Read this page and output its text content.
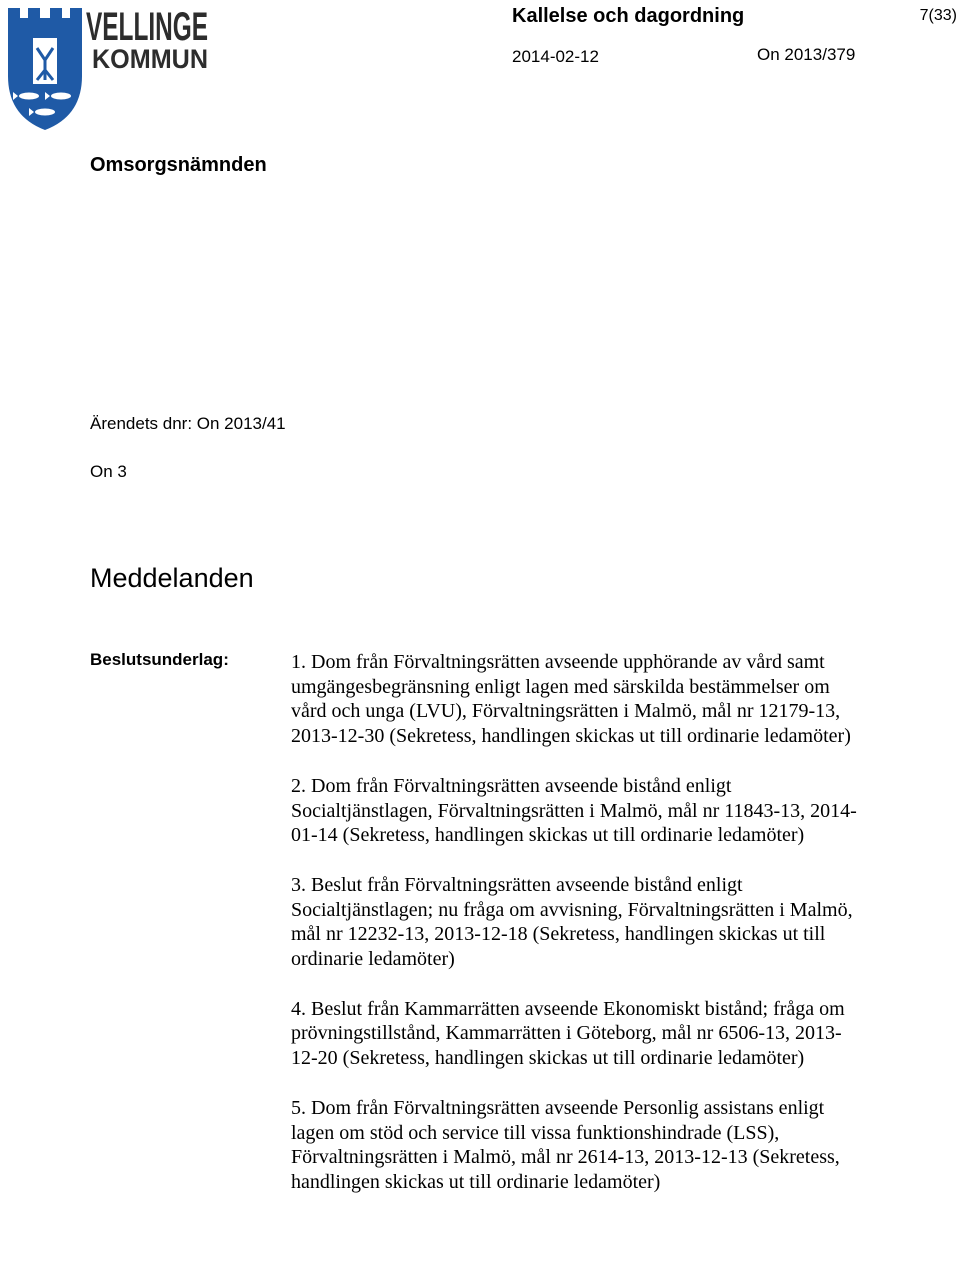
VELLINGE
KOMMUN
Kallelse och dagordning	7(33)
2014-02-12	On 2013/379
Omsorgsnämnden
Ärendets dnr: On 2013/41
On 3
Meddelanden
Beslutsunderlag:	1. Dom från Förvaltningsrätten avseende upphörande av vård samt umgängesbegränsning enligt lagen med särskilda bestämmelser om vård och unga (LVU), Förvaltningsrätten i Malmö, mål nr 12179-13, 2013-12-30 (Sekretess, handlingen skickas ut till ordinarie ledamöter)
2. Dom från Förvaltningsrätten avseende bistånd enligt Socialtjänstlagen, Förvaltningsrätten i Malmö, mål nr 11843-13, 2014-01-14 (Sekretess, handlingen skickas ut till ordinarie ledamöter)
3. Beslut från Förvaltningsrätten avseende bistånd enligt Socialtjänstlagen; nu fråga om avvisning, Förvaltningsrätten i Malmö, mål nr 12232-13, 2013-12-18 (Sekretess, handlingen skickas ut till ordinarie ledamöter)
4. Beslut från Kammarrätten avseende Ekonomiskt bistånd; fråga om prövningstillstånd, Kammarrätten i Göteborg, mål nr 6506-13, 2013-12-20 (Sekretess, handlingen skickas ut till ordinarie ledamöter)
5. Dom från Förvaltningsrätten avseende Personlig assistans enligt lagen om stöd och service till vissa funktionshindrade (LSS), Förvaltningsrätten i Malmö, mål nr 2614-13, 2013-12-13 (Sekretess, handlingen skickas ut till ordinarie ledamöter)
